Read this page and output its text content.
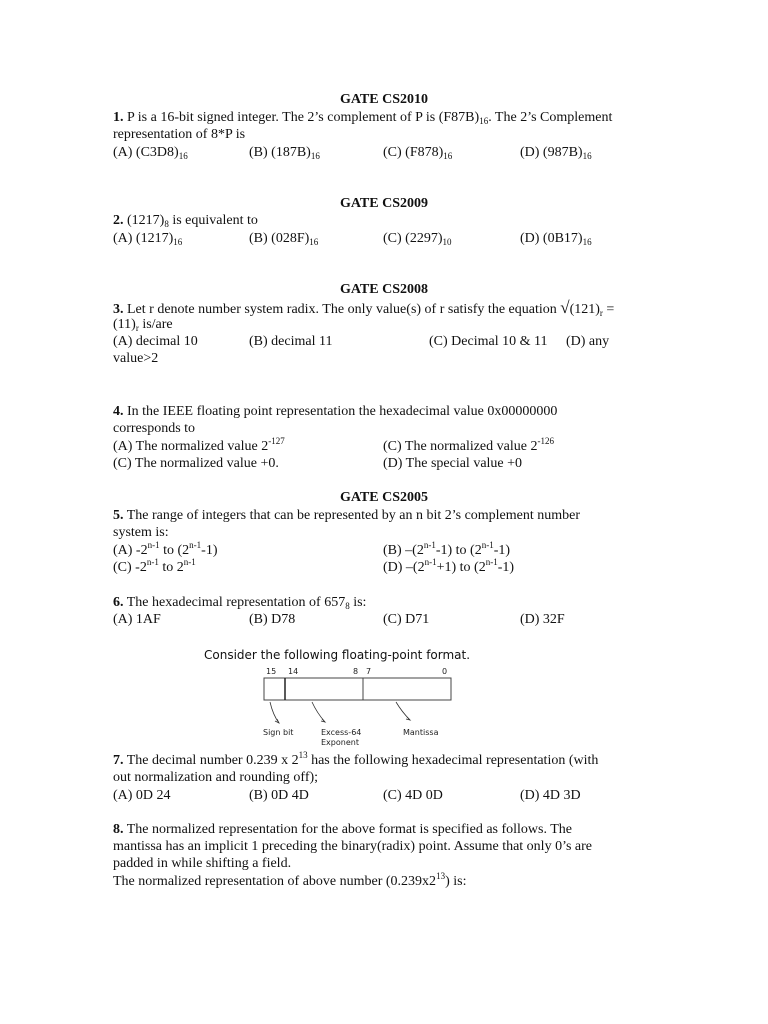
GATE CS2010
1. P is a 16-bit signed integer. The 2’s complement of P is $(F87B)_{16}$. The 2’s Complement
representation of 8*P is
(A) $(C3D8)_{16}$	(B) $(187B)_{16}$	(C) $(F878)_{16}$	(D) $(987B)_{16}$
GATE CS2009
2. $(1217)_8$ is equivalent to
(A) $(1217)_{16}$	(B) $(028F)_{16}$	(C) $(2297)_{10}$	(D) $(0B17)_{16}$
GATE CS2008
3. Let r denote number system radix. The only value(s) of r satisfy the equation $√(121)_r$ =
$(11)_r$ is/are
(A) decimal 10	(B) decimal 11	(C) Decimal 10 & 11 (D) any
value>2
4. In the IEEE floating point representation the hexadecimal value 0x00000000
corresponds to
(A) The normalized value $2^{-127}$	(C) The normalized value $2^{-126}$
(C) The normalized value +0.	(D) The special value +0
GATE CS2005
5. The range of integers that can be represented by an n bit 2’s complement number
system is:
(A) -2$^{n-1}$ to (2$^{n-1}$-1)	(B) –(2$^{n-1}$-1) to (2$^{n-1}$-1)
(C) -2$^{n-1}$ to 2$^{n-1}$	(D) $-(2^{n-1}+1)$ to (2$^{n-1}$-1)
6. The hexadecimal representation of $657_8$ is:
(A) 1AF	(B) D78	(C) D71	(D) 32F
Consider the following floating-point format.
15 14	8 7	0
Sign bit	Excess-64
Exponent
Mantissa
7. The decimal number 0.239 x $2^{13}$ has the following hexadecimal representation (with
out normalization and rounding off);
(A) 0D 24	(B) 0D 4D	(C) 4D 0D	(D) 4D 3D
8. The normalized representation for the above format is specified as follows. The
mantissa has an implicit 1 preceding the binary(radix) point. Assume that only 0’s are
padded in while shifting a field.
The normalized representation of above number $(0.239x2^{13})$ is:
